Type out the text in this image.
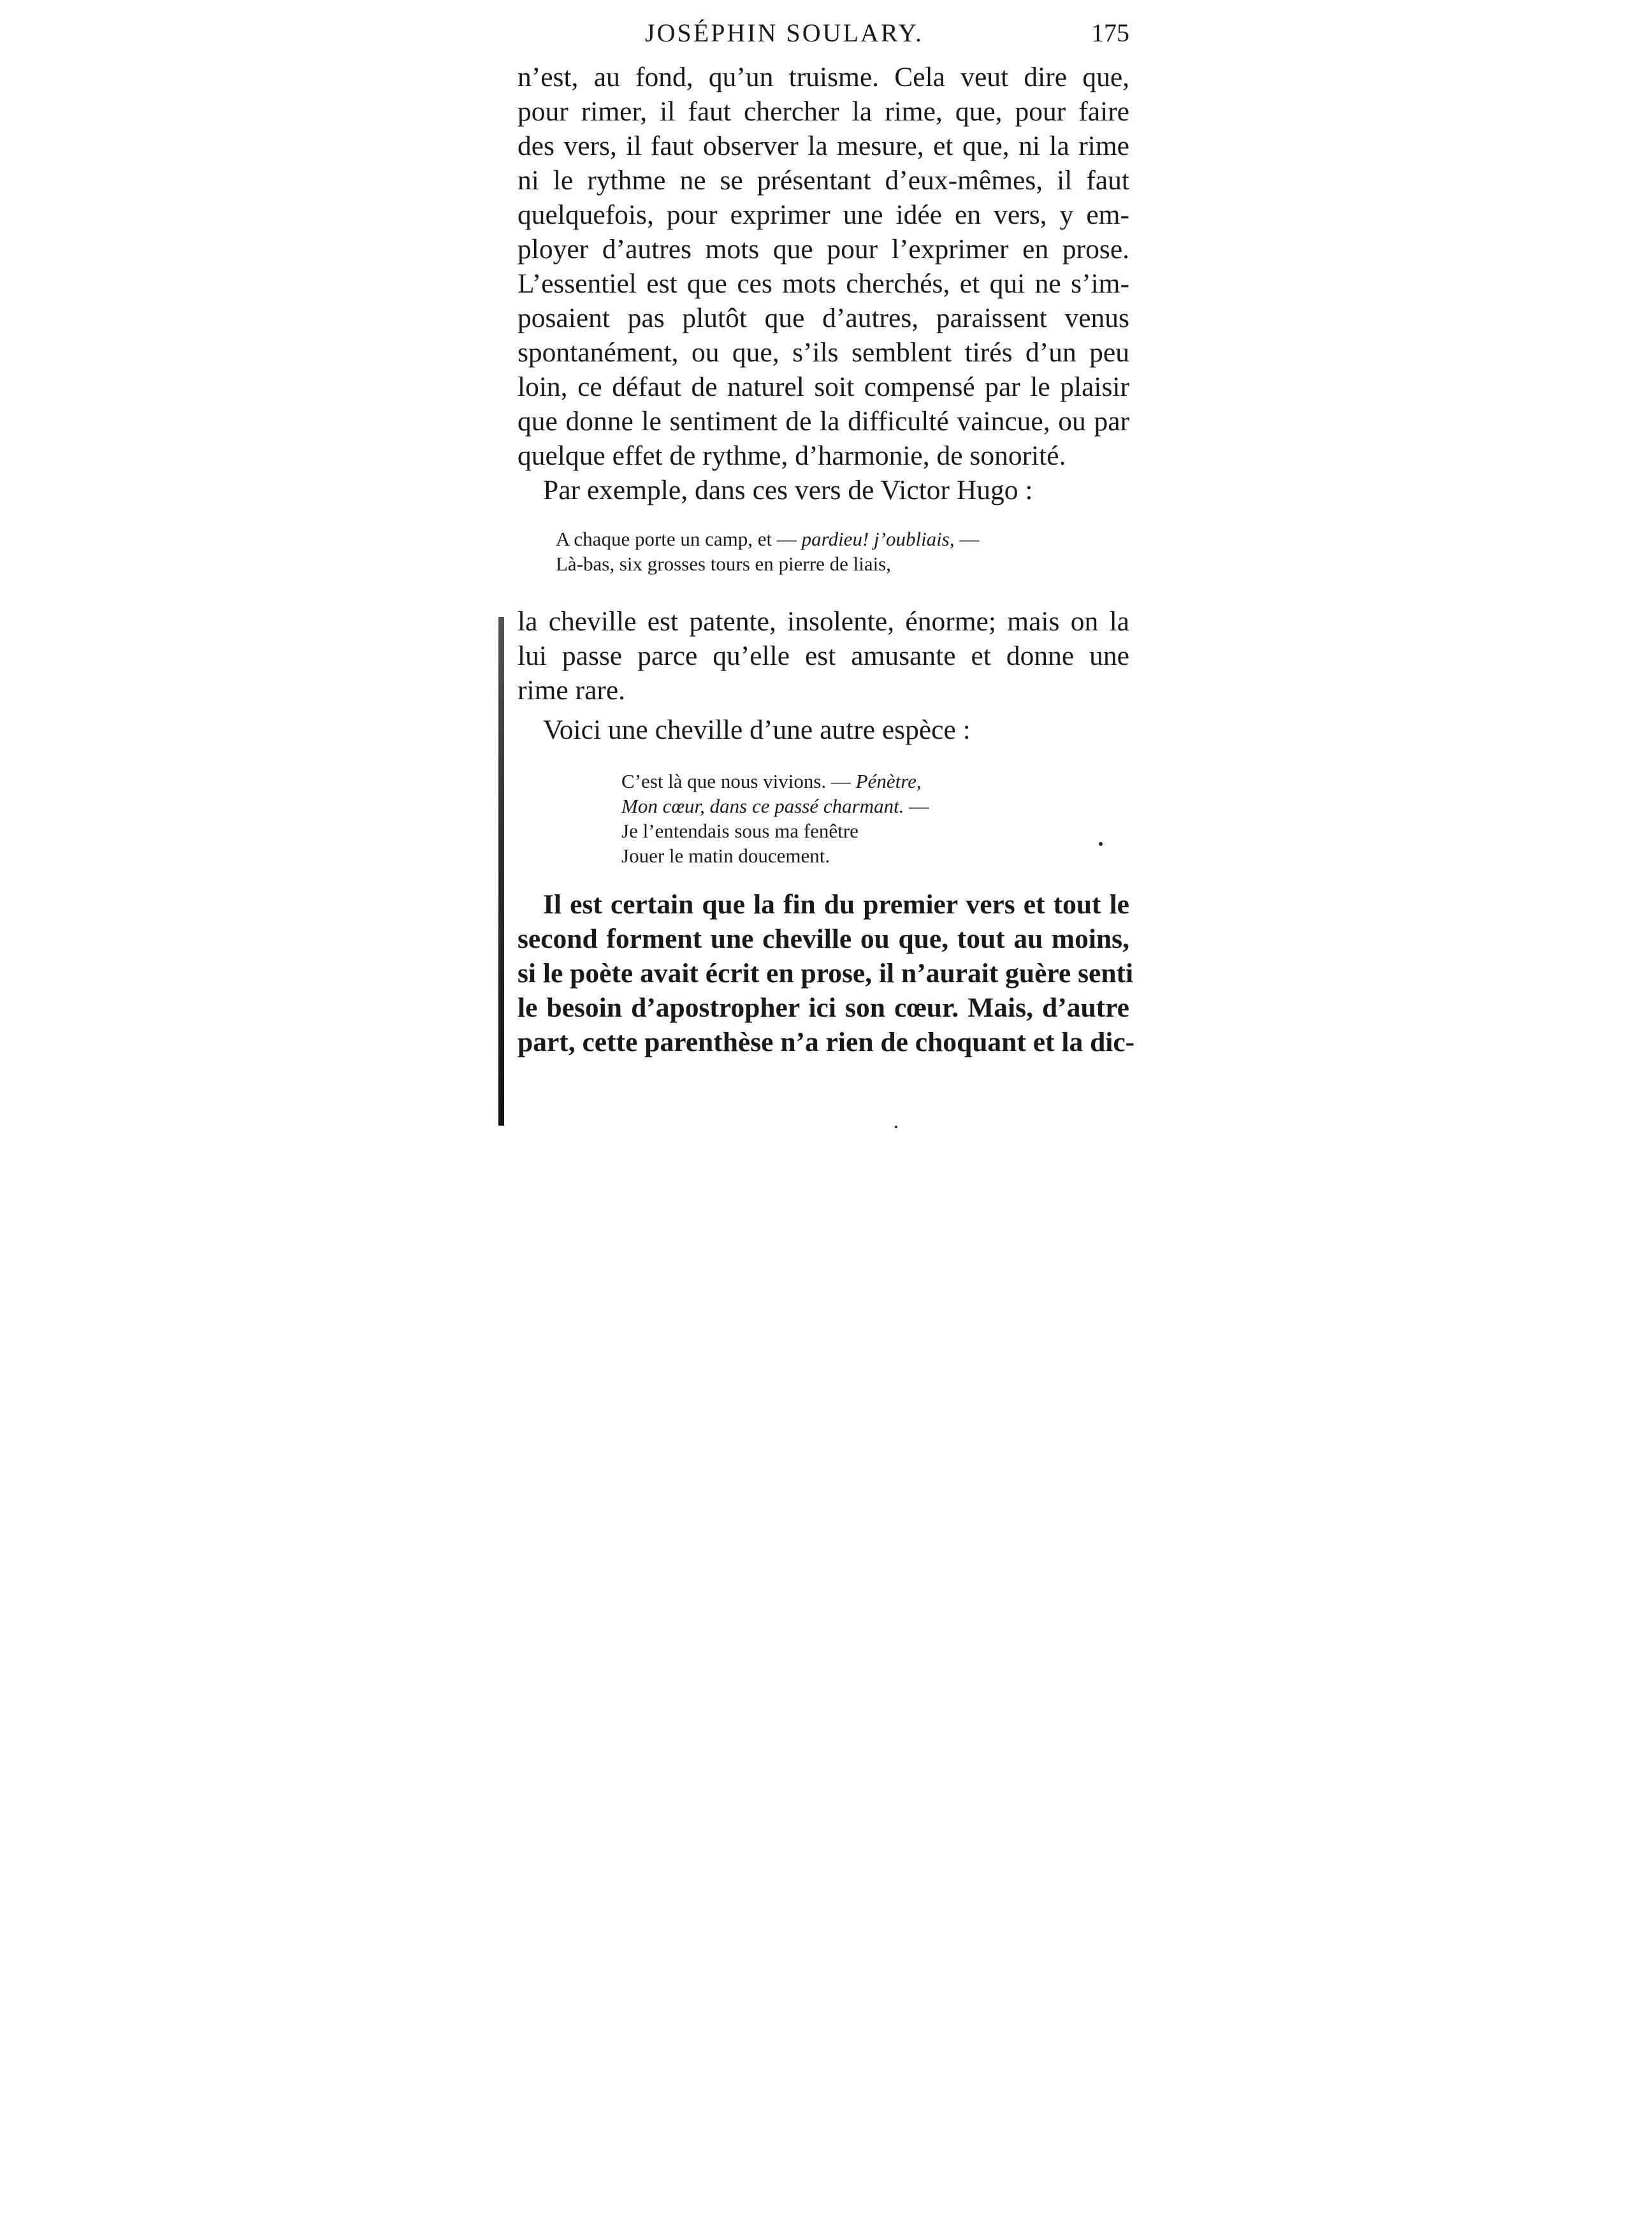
JOSÉPHIN SOULARY.	175
n’est, au fond, qu’un truisme. Cela veut dire que,
pour rimer, il faut chercher la rime, que, pour faire
des vers, il faut observer la mesure, et que, ni la rime
ni le rythme ne se présentant d’eux-mêmes, il faut
quelquefois, pour exprimer une idée en vers, y em-
ployer d’autres mots que pour l’exprimer en prose.
L’essentiel est que ces mots cherchés, et qui ne s’im-
posaient pas plutôt que d’autres, paraissent venus
spontanément, ou que, s’ils semblent tirés d’un peu
loin, ce défaut de naturel soit compensé par le plaisir
que donne le sentiment de la difficulté vaincue, ou par
quelque effet de rythme, d’harmonie, de sonorité.
Par exemple, dans ces vers de Victor Hugo :
A chaque porte un camp, et — pardieu! j’oubliais, —
Là-bas, six grosses tours en pierre de liais,
la cheville est patente, insolente, énorme; mais on la
lui passe parce qu’elle est amusante et donne une
rime rare.
Voici une cheville d’une autre espèce :
C’est là que nous vivions. — Pénètre,
Mon cœur, dans ce passé charmant. —
Je l’entendais sous ma fenêtre
Jouer le matin doucement.
Il est certain que la fin du premier vers et tout le
second forment une cheville ou que, tout au moins,
si le poète avait écrit en prose, il n’aurait guère senti
le besoin d’apostropher ici son cœur. Mais, d’autre
part, cette parenthèse n’a rien de choquant et la dic-
